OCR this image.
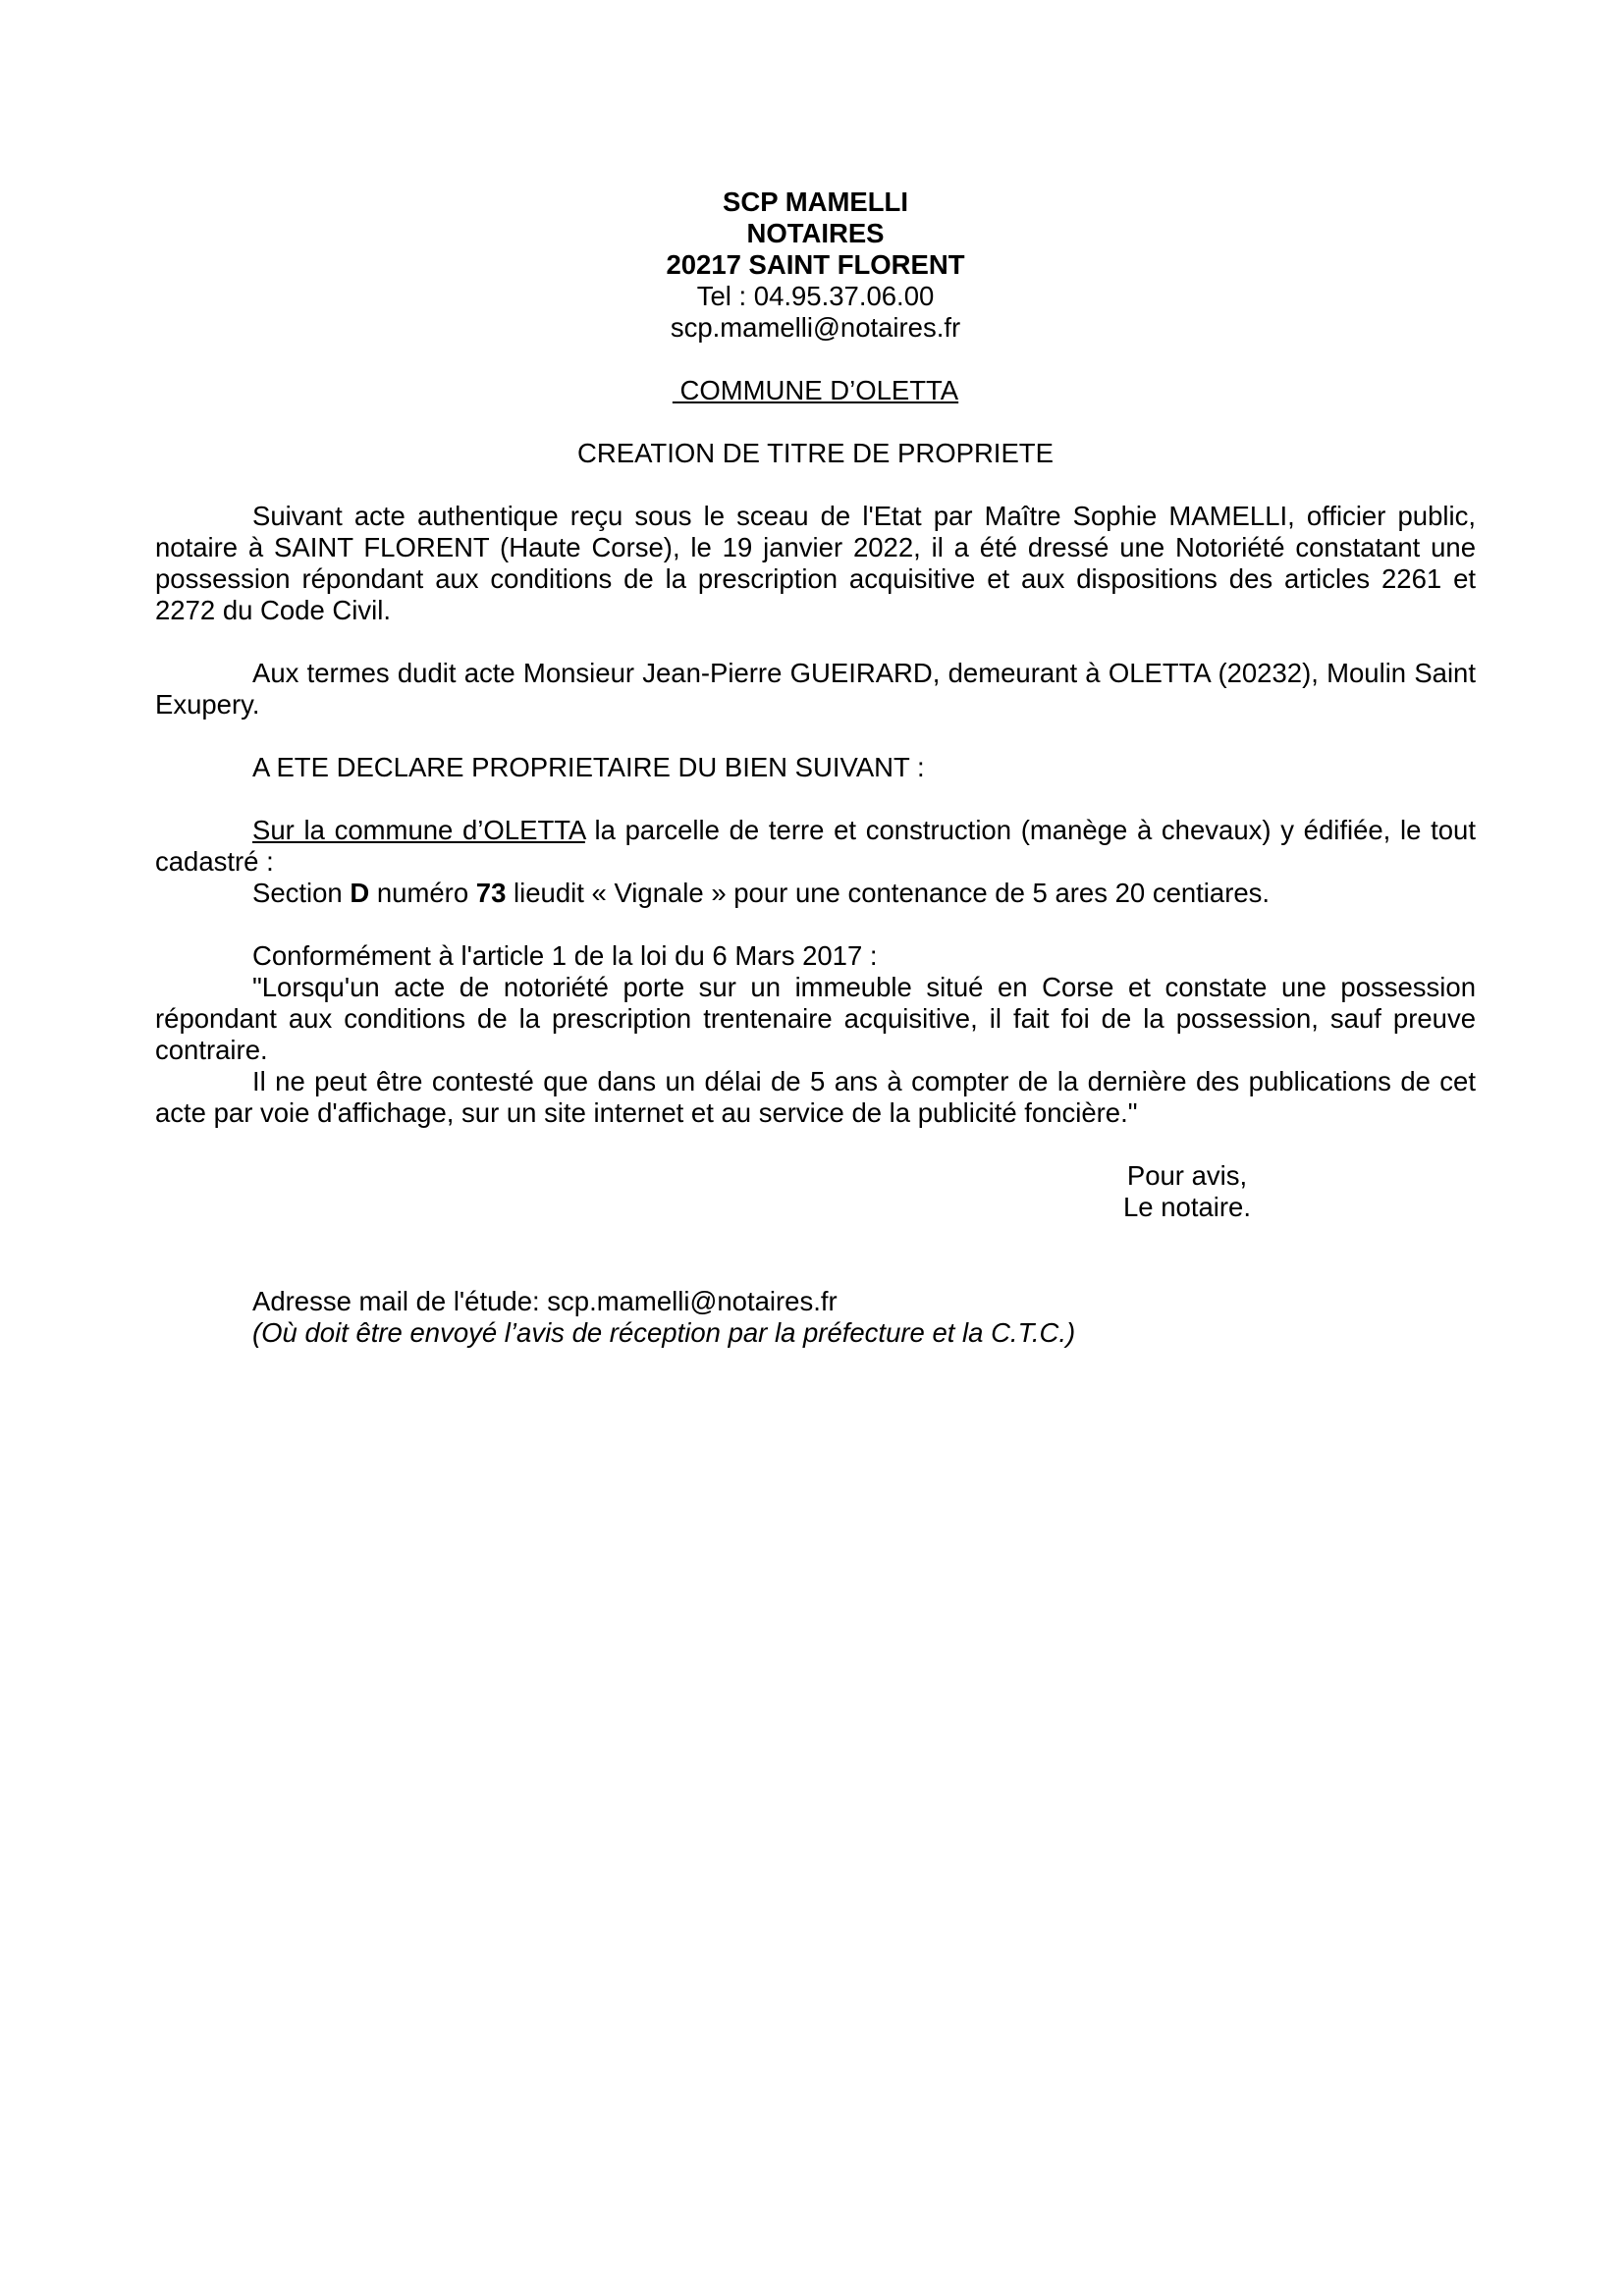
SCP MAMELLI
NOTAIRES
20217 SAINT FLORENT
Tel : 04.95.37.06.00
scp.mamelli@notaires.fr
COMMUNE D’OLETTA
CREATION DE TITRE DE PROPRIETE
Suivant acte authentique reçu sous le sceau de l'Etat par Maître Sophie MAMELLI, officier public, notaire à SAINT FLORENT (Haute Corse), le 19 janvier 2022, il a été dressé une Notoriété constatant une possession répondant aux conditions de la prescription acquisitive et aux dispositions des articles 2261 et 2272 du Code Civil.
Aux termes dudit acte Monsieur Jean-Pierre GUEIRARD, demeurant à OLETTA (20232), Moulin Saint Exupery.
A ETE DECLARE PROPRIETAIRE DU BIEN SUIVANT :
Sur la commune d’OLETTA la parcelle de terre et construction (manège à chevaux) y édifiée, le tout cadastré :
Section D numéro 73 lieudit « Vignale » pour une contenance de 5 ares 20 centiares.
Conformément à l'article 1 de la loi du 6 Mars 2017 :
"Lorsqu'un acte de notoriété porte sur un immeuble situé en Corse et constate une possession répondant aux conditions de la prescription trentenaire acquisitive, il fait foi de la possession, sauf preuve contraire.
Il ne peut être contesté que dans un délai de 5 ans à compter de la dernière des publications de cet acte par voie d'affichage, sur un site internet et au service de la publicité foncière."
Pour avis,
Le notaire.
Adresse mail de l'étude: scp.mamelli@notaires.fr
(Où doit être envoyé l’avis de réception par la préfecture et la C.T.C.)
